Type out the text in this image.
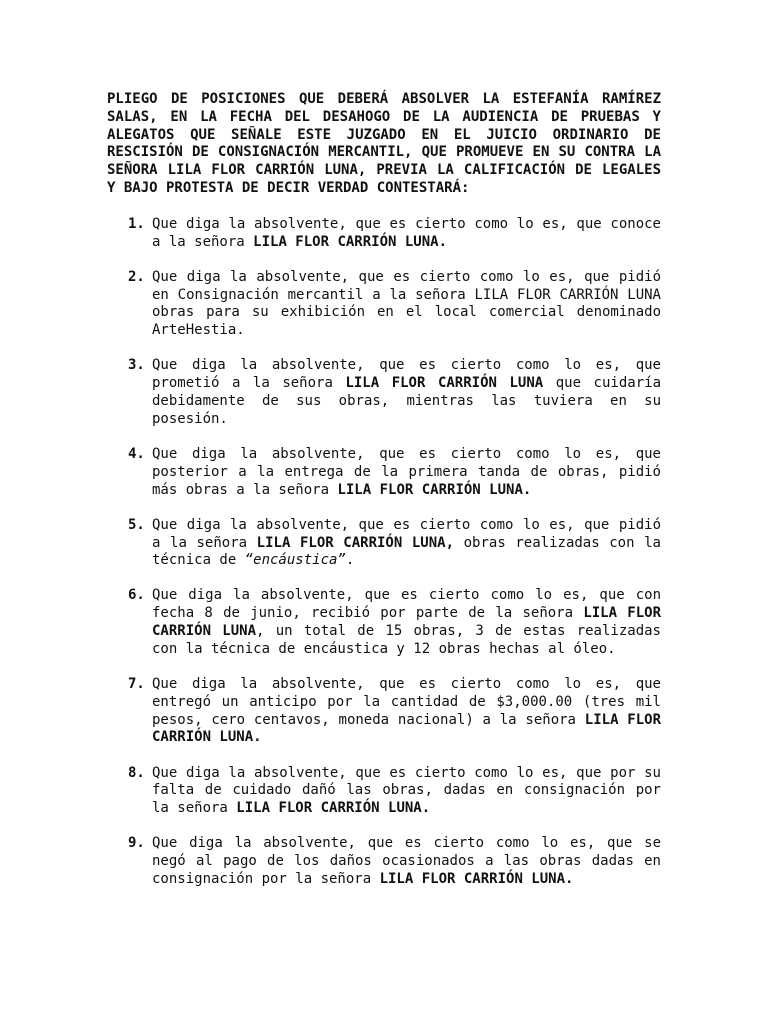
PLIEGO DE POSICIONES QUE DEBERÁ ABSOLVER LA ESTEFANÍA RAMÍREZ SALAS, EN LA FECHA DEL DESAHOGO DE LA AUDIENCIA DE PRUEBAS Y ALEGATOS QUE SEÑALE ESTE JUZGADO EN EL JUICIO ORDINARIO DE RESCISIÓN DE CONSIGNACIÓN MERCANTIL, QUE PROMUEVE EN SU CONTRA LA SEÑORA LILA FLOR CARRIÓN LUNA, PREVIA LA CALIFICACIÓN DE LEGALES Y BAJO PROTESTA DE DECIR VERDAD CONTESTARÁ:

1. Que diga la absolvente, que es cierto como lo es, que conoce a la señora LILA FLOR CARRIÓN LUNA.
2. Que diga la absolvente, que es cierto como lo es, que pidió en Consignación mercantil a la señora LILA FLOR CARRIÓN LUNA obras para su exhibición en el local comercial denominado ArteHestia.
3. Que diga la absolvente, que es cierto como lo es, que prometió a la señora LILA FLOR CARRIÓN LUNA que cuidaría debidamente de sus obras, mientras las tuviera en su posesión.
4. Que diga la absolvente, que es cierto como lo es, que posterior a la entrega de la primera tanda de obras, pidió más obras a la señora LILA FLOR CARRIÓN LUNA.
5. Que diga la absolvente, que es cierto como lo es, que pidió a la señora LILA FLOR CARRIÓN LUNA, obras realizadas con la técnica de “encáustica”.
6. Que diga la absolvente, que es cierto como lo es, que con fecha 8 de junio, recibió por parte de la señora LILA FLOR CARRIÓN LUNA, un total de 15 obras, 3 de estas realizadas con la técnica de encáustica y 12 obras hechas al óleo.
7. Que diga la absolvente, que es cierto como lo es, que entregó un anticipo por la cantidad de $3,000.00 (tres mil pesos, cero centavos, moneda nacional) a la señora LILA FLOR CARRIÓN LUNA.
8. Que diga la absolvente, que es cierto como lo es, que por su falta de cuidado dañó las obras, dadas en consignación por la señora LILA FLOR CARRIÓN LUNA.
9. Que diga la absolvente, que es cierto como lo es, que se negó al pago de los daños ocasionados a las obras dadas en consignación por la señora LILA FLOR CARRIÓN LUNA.
